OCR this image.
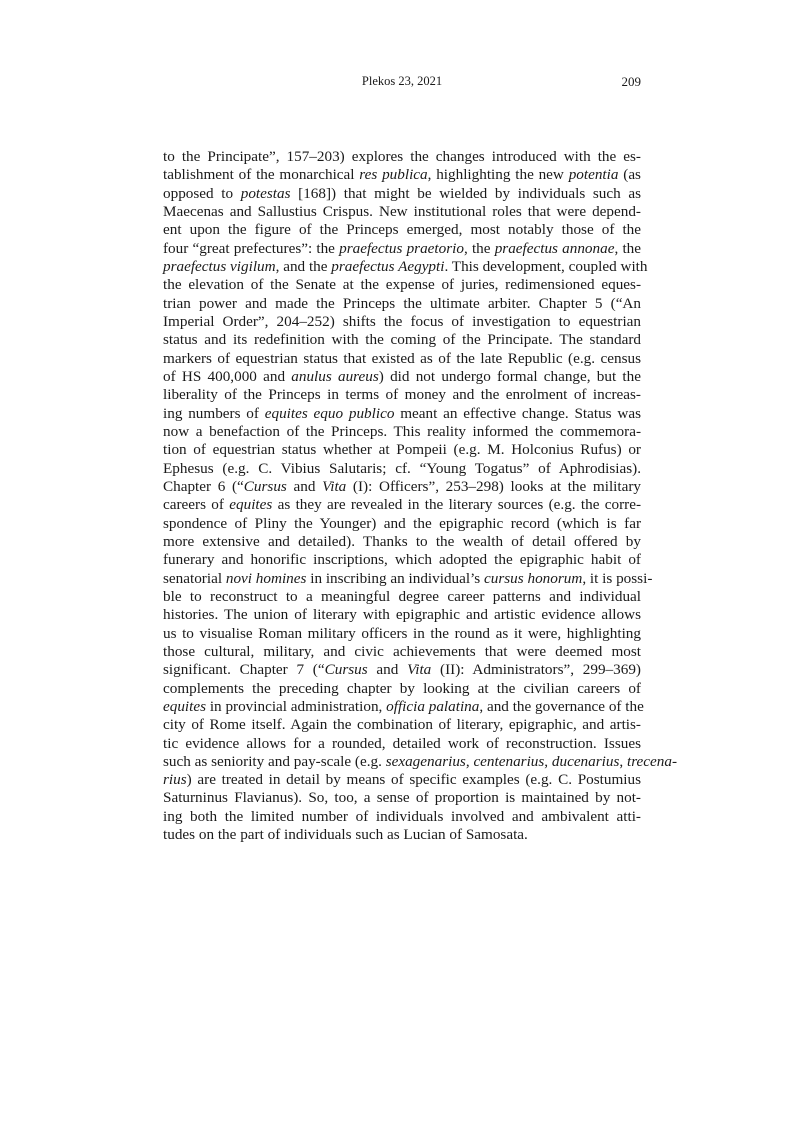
Plekos 23, 2021	209
to the Principate”, 157–203) explores the changes introduced with the es-
tablishment of the monarchical res publica, highlighting the new potentia (as
opposed to potestas [168]) that might be wielded by individuals such as
Maecenas and Sallustius Crispus. New institutional roles that were depend-
ent upon the figure of the Princeps emerged, most notably those of the
four “great prefectures”: the praefectus praetorio, the praefectus annonae, the
praefectus vigilum, and the praefectus Aegypti. This development, coupled with
the elevation of the Senate at the expense of juries, redimensioned eques-
trian power and made the Princeps the ultimate arbiter. Chapter 5 (“An
Imperial Order”, 204–252) shifts the focus of investigation to equestrian
status and its redefinition with the coming of the Principate. The standard
markers of equestrian status that existed as of the late Republic (e.g. census
of HS 400,000 and anulus aureus) did not undergo formal change, but the
liberality of the Princeps in terms of money and the enrolment of increas-
ing numbers of equites equo publico meant an effective change. Status was
now a benefaction of the Princeps. This reality informed the commemora-
tion of equestrian status whether at Pompeii (e.g. M. Holconius Rufus) or
Ephesus (e.g. C. Vibius Salutaris; cf. “Young Togatus” of Aphrodisias).
Chapter 6 (“Cursus and Vita (I): Officers”, 253–298) looks at the military
careers of equites as they are revealed in the literary sources (e.g. the corre-
spondence of Pliny the Younger) and the epigraphic record (which is far
more extensive and detailed). Thanks to the wealth of detail offered by
funerary and honorific inscriptions, which adopted the epigraphic habit of
senatorial novi homines in inscribing an individual’s cursus honorum, it is possi-
ble to reconstruct to a meaningful degree career patterns and individual
histories. The union of literary with epigraphic and artistic evidence allows
us to visualise Roman military officers in the round as it were, highlighting
those cultural, military, and civic achievements that were deemed most
significant. Chapter 7 (“Cursus and Vita (II): Administrators”, 299–369)
complements the preceding chapter by looking at the civilian careers of
equites in provincial administration, officia palatina, and the governance of the
city of Rome itself. Again the combination of literary, epigraphic, and artis-
tic evidence allows for a rounded, detailed work of reconstruction. Issues
such as seniority and pay-scale (e.g. sexagenarius, centenarius, ducenarius, trecena-
rius) are treated in detail by means of specific examples (e.g. C. Postumius
Saturninus Flavianus). So, too, a sense of proportion is maintained by not-
ing both the limited number of individuals involved and ambivalent atti-
tudes on the part of individuals such as Lucian of Samosata.
